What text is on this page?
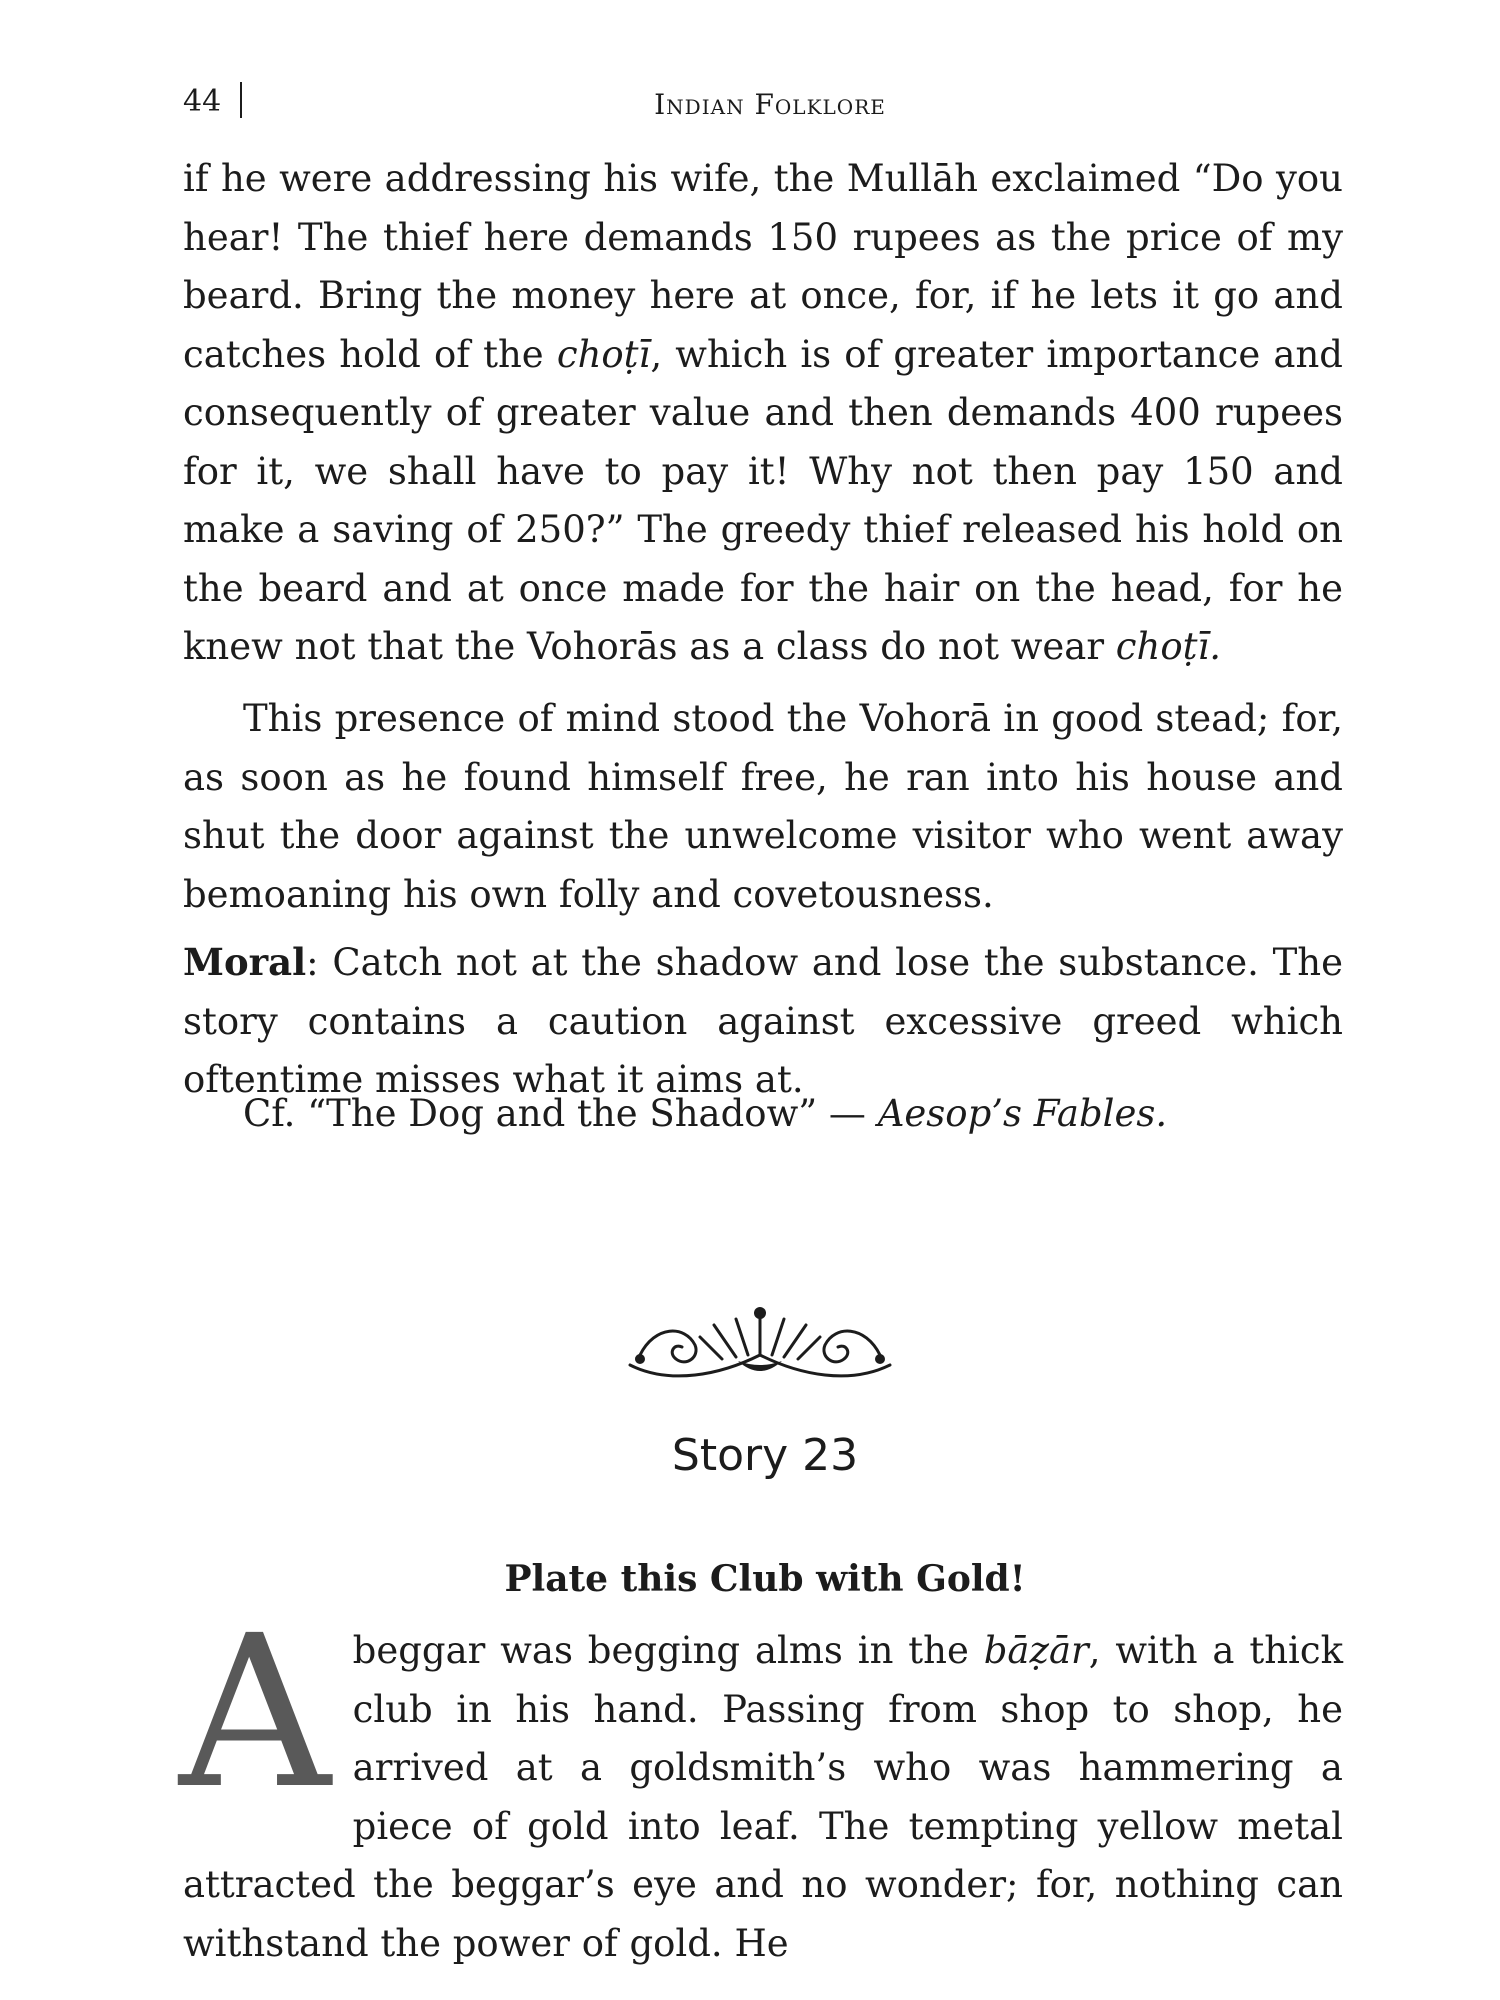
44	Indian Folklore

if he were addressing his wife, the Mullāh exclaimed “Do you hear! The thief here demands 150 rupees as the price of my beard. Bring the money here at once, for, if he lets it go and catches hold of the choṭī, which is of greater importance and consequently of greater value and then demands 400 rupees for it, we shall have to pay it! Why not then pay 150 and make a saving of 250?” The greedy thief released his hold on the beard and at once made for the hair on the head, for he knew not that the Vohorās as a class do not wear choṭī.

This presence of mind stood the Vohorā in good stead; for, as soon as he found himself free, he ran into his house and shut the door against the unwelcome visitor who went away bemoaning his own folly and covetousness.

Moral: Catch not at the shadow and lose the substance. The story contains a caution against excessive greed which oftentime misses what it aims at.

Cf. “The Dog and the Shadow” — Aesop’s Fables.

Story 23
Plate this Club with Gold!

Abeggar was begging alms in the bāẓār, with a thick club in his hand. Passing from shop to shop, he arrived at a goldsmith’s who was hammering a piece of gold into leaf. The tempting yellow metal attracted the beggar’s eye and no wonder; for, nothing can withstand the power of gold. He
